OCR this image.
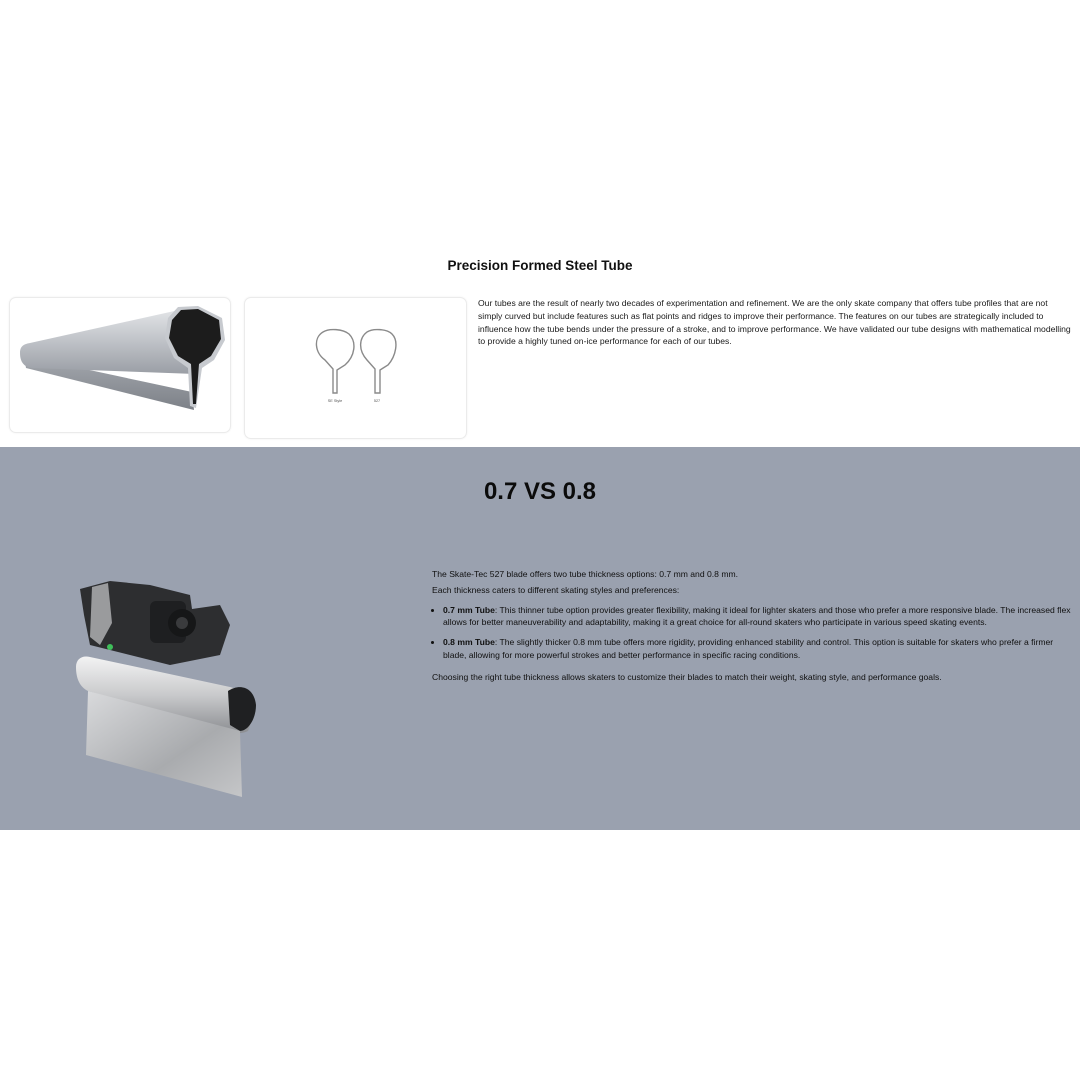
Precision Formed Steel Tube
SE Style	527

Our tubes are the result of nearly two decades of experimentation and refinement. We are the only skate company that offers tube profiles that are not simply curved but include features such as flat points and ridges to improve their performance. The features on our tubes are strategically included to influence how the tube bends under the pressure of a stroke, and to improve performance. We have validated our tube designs with mathematical modelling to provide a highly tuned on-ice performance for each of our tubes.

0.7 VS 0.8

The Skate-Tec 527 blade offers two tube thickness options: 0.7 mm and 0.8 mm.

Each thickness caters to different skating styles and preferences:

• 0.7 mm Tube: This thinner tube option provides greater flexibility, making it ideal for lighter skaters and those who prefer a more responsive blade. The increased flex allows for better maneuverability and adaptability, making it a great choice for all-round skaters who participate in various speed skating events.
• 0.8 mm Tube: The slightly thicker 0.8 mm tube offers more rigidity, providing enhanced stability and control. This option is suitable for skaters who prefer a firmer blade, allowing for more powerful strokes and better performance in specific racing conditions.

Choosing the right tube thickness allows skaters to customize their blades to match their weight, skating style, and performance goals.
